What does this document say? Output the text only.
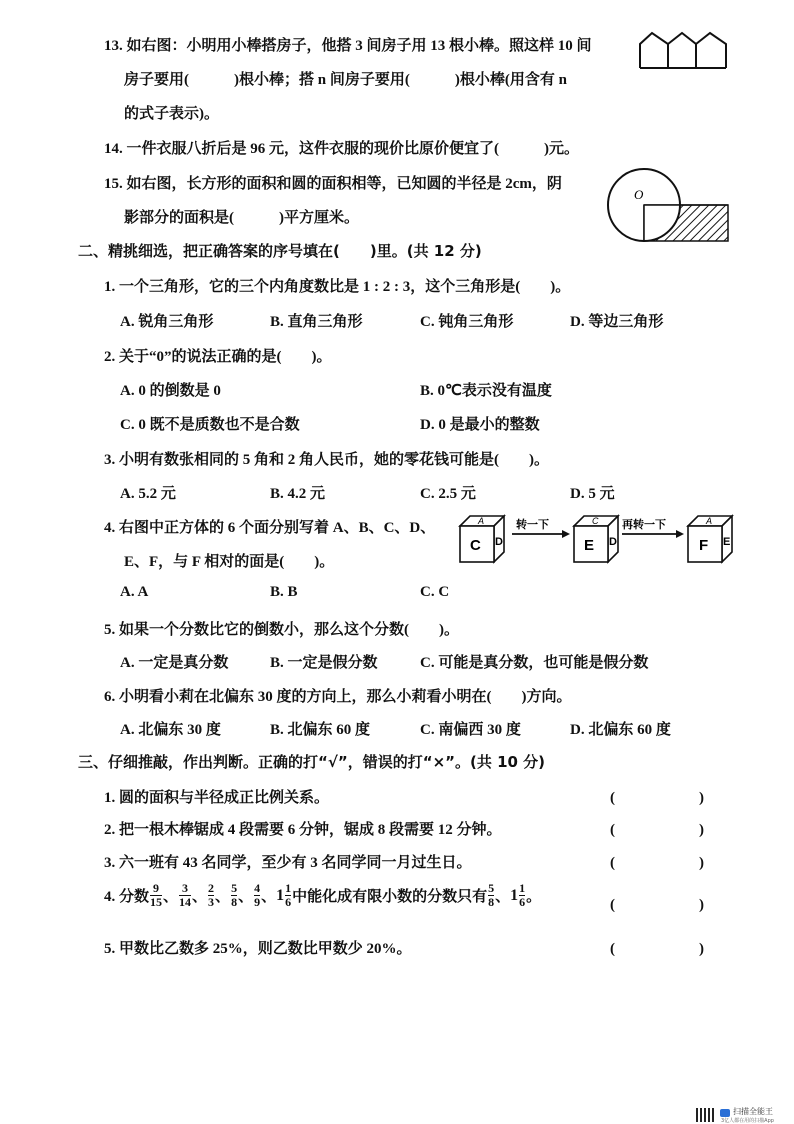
13. 如右图：小明用小棒搭房子，他搭 3 间房子用 13 根小棒。照这样 10 间
房子要用(　　　)根小棒；搭 n 间房子要用(　　　)根小棒(用含有 n
的式子表示)。
14. 一件衣服八折后是 96 元，这件衣服的现价比原价便宜了(　　　)元。
15. 如右图，长方形的面积和圆的面积相等，已知圆的半径是 2cm，阴
影部分的面积是(　　　)平方厘米。
O
二、精挑细选，把正确答案的序号填在(　　)里。(共 12 分)
1. 一个三角形，它的三个内角度数比是 1 : 2 : 3，这个三角形是(　　)。
A. 锐角三角形	B. 直角三角形	C. 钝角三角形	D. 等边三角形
2. 关于“0”的说法正确的是(　　)。
A. 0 的倒数是 0	B. 0℃表示没有温度
C. 0 既不是质数也不是合数	D. 0 是最小的整数
3. 小明有数张相同的 5 角和 2 角人民币，她的零花钱可能是(　　)。
A. 5.2 元	B. 4.2 元	C. 2.5 元	D. 5 元
4. 右图中正方体的 6 个面分别写着 A、B、C、D、
E、F，与 F 相对的面是(　　)。
A. A	B. B	C. C
A
C D
转一下	C
E D
再转一下	A
F E
5. 如果一个分数比它的倒数小，那么这个分数(　　)。
A. 一定是真分数	B. 一定是假分数	C. 可能是真分数，也可能是假分数
6. 小明看小莉在北偏东 30 度的方向上，那么小莉看小明在(　　)方向。
A. 北偏东 30 度	B. 北偏东 60 度	C. 南偏西 30 度	D. 北偏东 60 度
三、仔细推敲，作出判断。正确的打“√”，错误的打“×”。(共 10 分)
1. 圆的面积与半径成正比例关系。	(　　)
2. 把一根木棒锯成 4 段需要 6 分钟，锯成 8 段需要 12 分钟。	(　　)
3. 六一班有 43 名同学，至少有 3 名同学同一月过生日。	(　　)
4. 分数 $\frac{9}{15}$ 、 $\frac{3}{14}$ 、 $\frac{2}{3}$ 、 $\frac{5}{8}$ 、 $\frac{4}{9}$ 、 $1 \frac{1}{6}$ 中能化成有限小数的分数只有 $\frac{5}{8}$ 、 $1 \frac{1}{6}$ 。	(　　)
5. 甲数比乙数多 25%，则乙数比甲数少 20%。	(　　)
扫描全能王
3亿人都在用的扫描App
